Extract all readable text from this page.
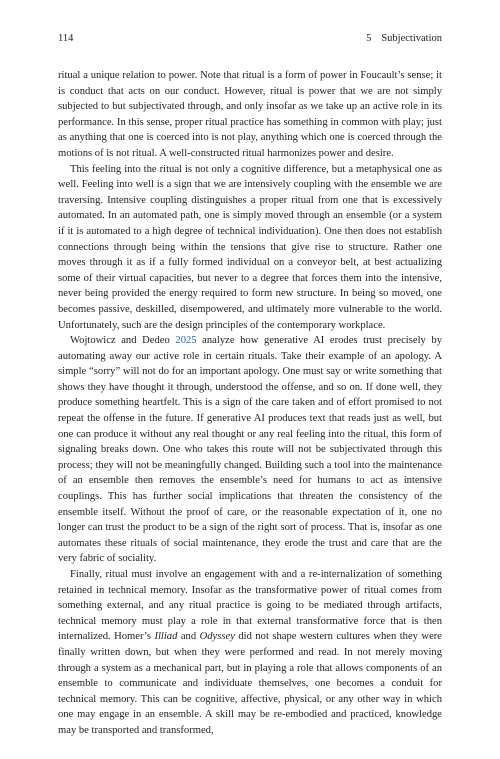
114	5 Subjectivation

ritual a unique relation to power. Note that ritual is a form of power in Foucault’s sense; it is conduct that acts on our conduct. However, ritual is power that we are not simply subjected to but subjectivated through, and only insofar as we take up an active role in its performance. In this sense, proper ritual practice has something in common with play; just as anything that one is coerced into is not play, anything which one is coerced through the motions of is not ritual. A well-constructed ritual harmonizes power and desire.

This feeling into the ritual is not only a cognitive difference, but a metaphysical one as well. Feeling into well is a sign that we are intensively coupling with the ensemble we are traversing. Intensive coupling distinguishes a proper ritual from one that is excessively automated. In an automated path, one is simply moved through an ensemble (or a system if it is automated to a high degree of technical individuation). One then does not establish connections through being within the tensions that give rise to structure. Rather one moves through it as if a fully formed individual on a conveyor belt, at best actualizing some of their virtual capacities, but never to a degree that forces them into the intensive, never being provided the energy required to form new structure. In being so moved, one becomes passive, deskilled, disempowered, and ultimately more vulnerable to the world. Unfortunately, such are the design principles of the contemporary workplace.

Wojtowicz and Dedeo 2025 analyze how generative AI erodes trust precisely by automating away our active role in certain rituals. Take their example of an apology. A simple “sorry” will not do for an important apology. One must say or write something that shows they have thought it through, understood the offense, and so on. If done well, they produce something heartfelt. This is a sign of the care taken and of effort promised to not repeat the offense in the future. If generative AI produces text that reads just as well, but one can produce it without any real thought or any real feeling into the ritual, this form of signaling breaks down. One who takes this route will not be subjectivated through this process; they will not be meaningfully changed. Building such a tool into the maintenance of an ensemble then removes the ensemble’s need for humans to act as intensive couplings. This has further social implications that threaten the consistency of the ensemble itself. Without the proof of care, or the reasonable expectation of it, one no longer can trust the product to be a sign of the right sort of process. That is, insofar as one automates these rituals of social maintenance, they erode the trust and care that are the very fabric of sociality.

Finally, ritual must involve an engagement with and a re-internalization of something retained in technical memory. Insofar as the transformative power of ritual comes from something external, and any ritual practice is going to be mediated through artifacts, technical memory must play a role in that external transformative force that is then internalized. Homer’s Illiad and Odyssey did not shape western cultures when they were finally written down, but when they were performed and read. In not merely moving through a system as a mechanical part, but in playing a role that allows components of an ensemble to communicate and individuate themselves, one becomes a conduit for technical memory. This can be cognitive, affective, physical, or any other way in which one may engage in an ensemble. A skill may be re-embodied and practiced, knowledge may be transported and transformed,
